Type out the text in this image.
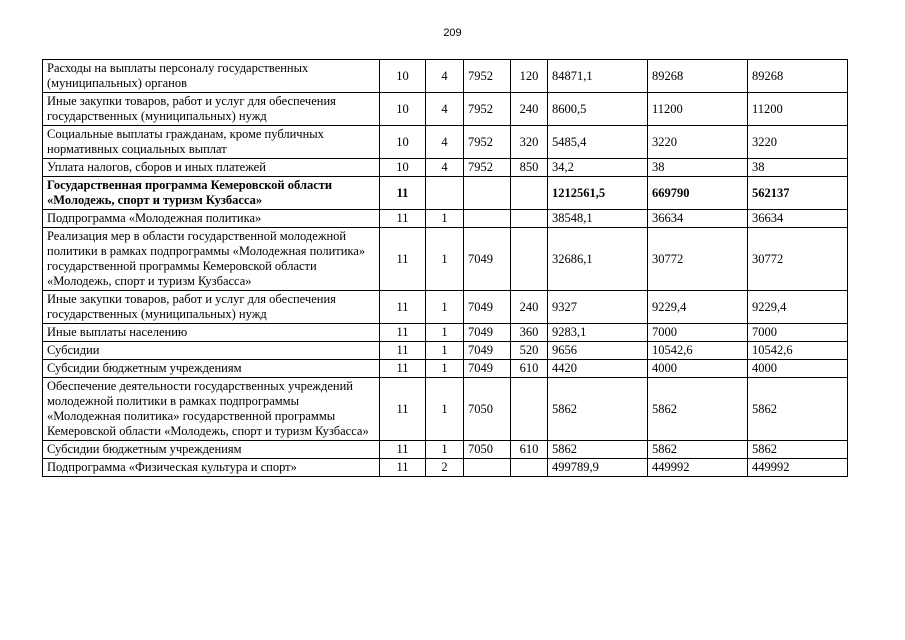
209
Расходы на выплаты персоналу государственных (муниципальных) органов	10	4	7952	120	84871,1	89268	89268
Иные закупки товаров, работ и услуг для обеспечения государственных (муниципальных) нужд	10	4	7952	240	8600,5	11200	11200
Социальные выплаты гражданам, кроме публичных нормативных социальных выплат	10	4	7952	320	5485,4	3220	3220
Уплата налогов, сборов и иных платежей	10	4	7952	850	34,2	38	38
Государственная программа Кемеровской области «Молодежь, спорт и туризм Кузбасса»	11				1212561,5	669790	562137
Подпрограмма «Молодежная политика»	11	1			38548,1	36634	36634
Реализация мер в области государственной молодежной политики в рамках подпрограммы «Молодежная политика» государственной программы Кемеровской области «Молодежь, спорт и туризм Кузбасса»	11	1	7049		32686,1	30772	30772
Иные закупки товаров, работ и услуг для обеспечения государственных (муниципальных) нужд	11	1	7049	240	9327	9229,4	9229,4
Иные выплаты населению	11	1	7049	360	9283,1	7000	7000
Субсидии	11	1	7049	520	9656	10542,6	10542,6
Субсидии бюджетным учреждениям	11	1	7049	610	4420	4000	4000
Обеспечение деятельности государственных учреждений молодежной политики в рамках подпрограммы «Молодежная политика» государственной программы Кемеровской области «Молодежь, спорт и туризм Кузбасса»	11	1	7050		5862	5862	5862
Субсидии бюджетным учреждениям	11	1	7050	610	5862	5862	5862
Подпрограмма «Физическая культура и спорт»	11	2			499789,9	449992	449992
